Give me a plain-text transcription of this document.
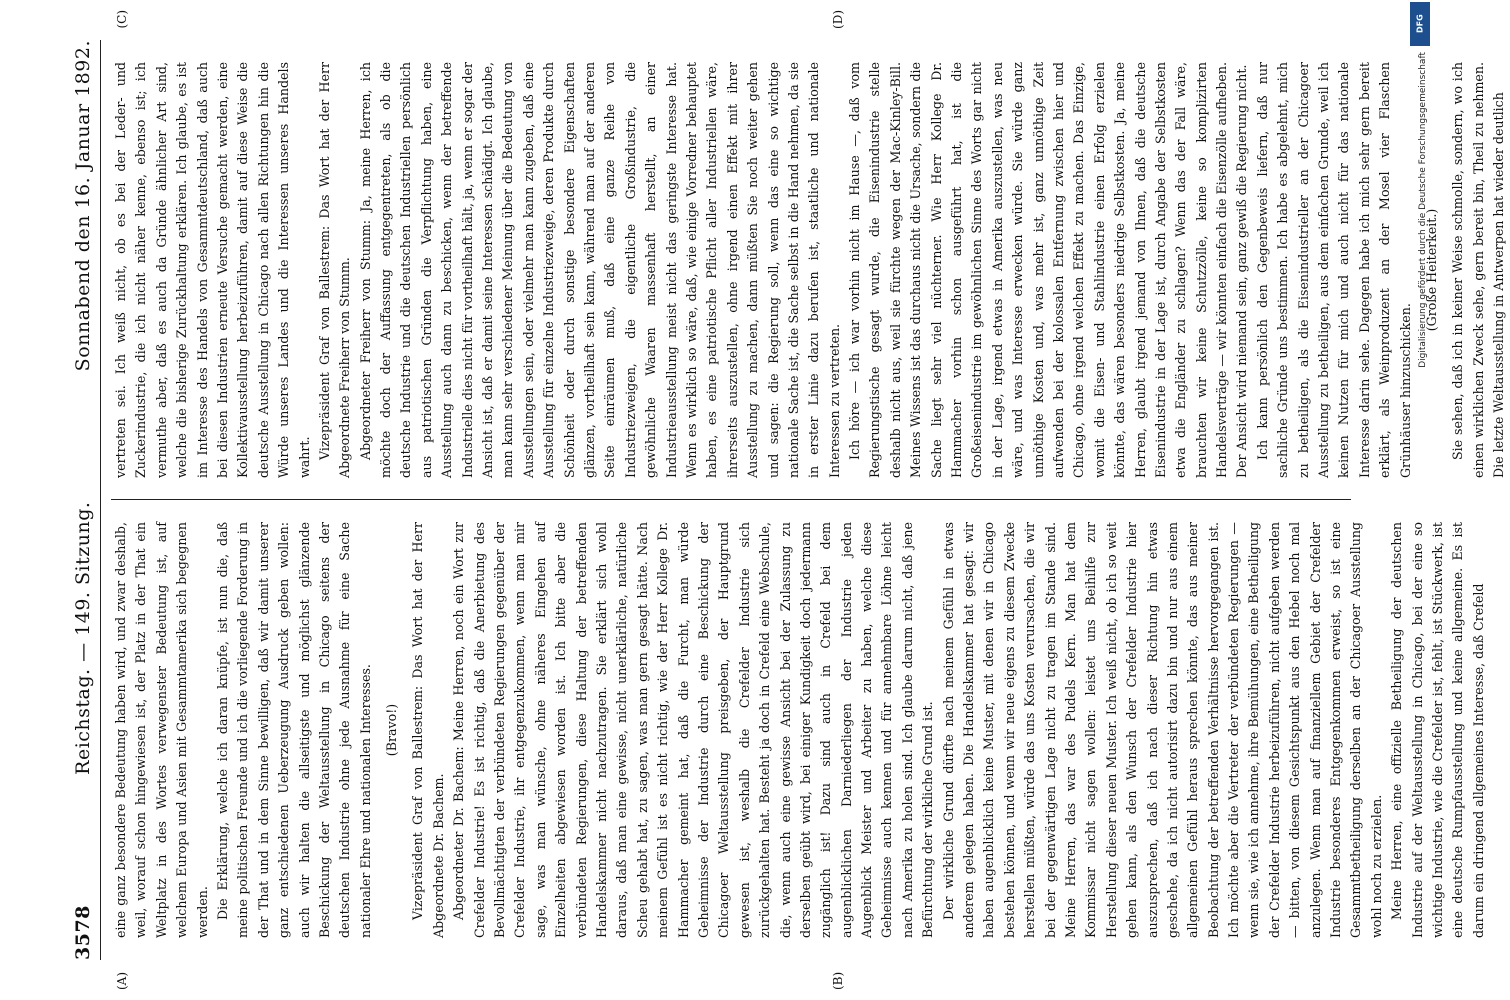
3578
Reichstag. — 149. Sitzung.
Sonnabend den 16. Januar 1892.

eine ganz besondere Bedeutung haben wird, und zwar deshalb, weil, worauf schon hingewiesen ist, der Platz in der That ein Weltplatz in des Wortes verwegenster Bedeutung ist, auf welchem Europa und Asien mit Gesammtamerika sich begegnen werden. Die Erklärung, welche ich daran knüpfe, ist nun die, daß meine politischen Freunde und ich die vorliegende Forderung in der That und in dem Sinne bewilligen, daß wir damit unserer ganz entschiedenen Ueberzeugung Ausdruck geben wollen: auch wir halten die allseitigste und möglichst glänzende Beschickung der Weltausstellung in Chicago seitens der deutschen Industrie ohne jede Ausnahme für eine Sache nationaler Ehre und nationalen Interesses. (Bravo!) Vizepräsident Graf von Ballestrem: Das Wort hat der Herr Abgeordnete Dr. Bachem. Abgeordneter Dr. Bachem: Meine Herren, noch ein Wort zur Crefelder Industrie! Es ist richtig, daß die Anerbietung des Bevollmächtigten der verbündeten Regierungen gegenüber der Crefelder Industrie, ihr entgegenzukommen, wenn man mir sage, was man wünsche, ohne näheres Eingehen auf Einzelheiten abgewiesen worden ist. Ich bitte aber die verbündeten Regierungen, diese Haltung der betreffenden Handelskammer nicht nachzutragen. Sie erklärt sich wohl daraus, daß man eine gewisse, nicht unerklärliche, natürliche Scheu gehabt hat, zu sagen, was man gern gesagt hätte. Nach meinem Gefühl ist es nicht richtig, wie der Herr Kollege Dr. Hammacher gemeint hat, daß die Furcht, man würde Geheimnisse der Industrie durch eine Beschickung der Chicagoer Weltausstellung preisgeben, der Hauptgrund gewesen ist, weshalb die Crefelder Industrie sich zurückgehalten hat. Besteht ja doch in Crefeld eine Webschule, die, wenn auch eine gewisse Ansicht bei der Zulassung zu derselben geübt wird, bei einiger Kundigkeit doch jedermann zugänglich ist! Dazu sind auch in Crefeld bei dem augenblicklichen Darniederliegen der Industrie jeden Augenblick Meister und Arbeiter zu haben, welche diese Geheimnisse auch kennen und für annehmbare Löhne leicht nach Amerika zu holen sind. Ich glaube darum nicht, daß jene Befürchtung der wirkliche Grund ist. Der wirkliche Grund dürfte nach meinem Gefühl in etwas anderem gelegen haben. Die Handelskammer hat gesagt: wir haben augenblicklich keine Muster, mit denen wir in Chicago bestehen können, und wenn wir neue eigens zu diesem Zwecke herstellen müßten, würde das uns Kosten verursachen, die wir bei der gegenwärtigen Lage nicht zu tragen im Stande sind. Meine Herren, das war des Pudels Kern. Man hat dem Kommissar nicht sagen wollen: leistet uns Beihilfe zur Herstellung dieser neuen Muster. Ich weiß nicht, ob ich so weit gehen kann, als den Wunsch der Crefelder Industrie hier auszusprechen, daß ich nach dieser Richtung hin etwas geschehe, da ich nicht autorisirt dazu bin und nur aus einem allgemeinen Gefühl heraus sprechen könnte, das aus meiner Beobachtung der betreffenden Verhältnisse hervorgegangen ist. Ich möchte aber die Vertreter der verbündeten Regierungen — wenn sie, wie ich annehme, ihre Bemühungen, eine Betheiligung der Crefelder Industrie herbeizuführen, nicht aufgeben werden — bitten, von diesem Gesichtspunkt aus den Hebel noch mal anzulegen. Wenn man auf finanziellem Gebiet der Crefelder Industrie besonderes Entgegenkommen erweist, so ist eine Gesammtbetheiligung derselben an der Chicagoer Ausstellung wohl noch zu erzielen. Meine Herren, eine offizielle Betheiligung der deutschen Industrie auf der Weltausstellung in Chicago, bei der eine so wichtige Industrie, wie die Crefelder ist, fehlt, ist Stückwerk, ist eine deutsche Rumpfausstellung und keine allgemeine. Es ist darum ein dringend allgemeines Interesse, daß Crefeld

vertreten sei. Ich weiß nicht, ob es bei der Leder- und Zuckerindustrie, die ich nicht näher kenne, ebenso ist; ich vermuthe aber, daß es auch da Gründe ähnlicher Art sind, welche die bisherige Zurückhaltung erklären. Ich glaube, es ist im Interesse des Handels von Gesammtdeutschland, daß auch bei diesen Industrien erneute Versuche gemacht werden, eine Kollektivausstellung herbeizuführen, damit auf diese Weise die deutsche Ausstellung in Chicago nach allen Richtungen hin die Würde unseres Landes und die Interessen unseres Handels wahrt. Vizepräsident Graf von Ballestrem: Das Wort hat der Herr Abgeordnete Freiherr von Stumm. Abgeordneter Freiherr von Stumm: Ja, meine Herren, ich möchte doch der Auffassung entgegentreten, als ob die deutsche Industrie und die deutschen Industriellen persönlich aus patriotischen Gründen die Verpflichtung haben, eine Ausstellung auch dann zu beschicken, wenn der betreffende Industrielle dies nicht für vortheilhaft hält, ja, wenn er sogar der Ansicht ist, daß er damit seine Interessen schädigt. Ich glaube, man kann sehr verschiedener Meinung über die Bedeutung von Ausstellungen sein, oder vielmehr man kann zugeben, daß eine Ausstellung für einzelne Industriezweige, deren Produkte durch Schönheit oder durch sonstige besondere Eigenschaften glänzen, vortheilhaft sein kann, während man auf der anderen Seite einräumen muß, daß eine ganze Reihe von Industriezweigen, die eigentliche Großindustrie, die gewöhnliche Waaren massenhaft herstellt, an einer Industrieausstellung meist nicht das geringste Interesse hat. Wenn es wirklich so wäre, daß, wie einige Vorredner behauptet haben, es eine patriotische Pflicht aller Industriellen wäre, ihrerseits auszustellen, ohne irgend einen Effekt mit ihrer Ausstellung zu machen, dann müßten Sie noch weiter gehen und sagen: die Regierung soll, wenn das eine so wichtige nationale Sache ist, die Sache selbst in die Hand nehmen, da sie in erster Linie dazu berufen ist, staatliche und nationale Interessen zu vertreten. Ich höre — ich war vorhin nicht im Hause —, daß vom Regierungstische gesagt wurde, die Eisenindustrie stelle deshalb nicht aus, weil sie fürchte wegen der Mac-Kinley-Bill. Meines Wissens ist das durchaus nicht die Ursache, sondern die Sache liegt sehr viel nüchterner. Wie Herr Kollege Dr. Hammacher vorhin schon ausgeführt hat, ist die Großeisenindustrie im gewöhnlichen Sinne des Worts gar nicht in der Lage, irgend etwas in Amerika auszustellen, was neu wäre, und was Interesse erwecken würde. Sie würde ganz unnöthige Kosten und, was mehr ist, ganz unnöthige Zeit aufwenden bei der kolossalen Entfernung zwischen hier und Chicago, ohne irgend welchen Effekt zu machen. Das Einzige, womit die Eisen- und Stahlindustrie einen Erfolg erzielen könnte, das wären besonders niedrige Selbstkosten. Ja, meine Herren, glaubt irgend jemand von Ihnen, daß die deutsche Eisenindustrie in der Lage ist, durch Angabe der Selbstkosten etwa die Engländer zu schlagen? Wenn das der Fall wäre, brauchten wir keine Schutzzölle, keine so komplizirten Handelsverträge — wir könnten einfach die Eisenzölle aufheben. Der Ansicht wird niemand sein, ganz gewiß die Regierung nicht. Ich kann persönlich den Gegenbeweis liefern, daß nur sachliche Gründe uns bestimmen. Ich habe es abgelehnt, mich zu betheiligen, als die Eisenindustrieller an der Chicagoer Ausstellung zu betheiligen, aus dem einfachen Grunde, weil ich keinen Nutzen für mich und auch nicht für das nationale Interesse darin sehe. Dagegen habe ich mich sehr gern bereit erklärt, als Weinproduzent an der Mosel vier Flaschen Grünhäuser hinzuschicken.

(Große Heiterkeit.) Sie sehen, daß ich in keiner Weise schmolle, sondern, wo ich einen wirklichen Zweck sehe, gern bereit bin, Theil zu nehmen. Die letzte Weltausstellung in Antwerpen hat wieder deutlich

(A)	(B)
(C)	(D)	DFG
Digitalisierung gefördert durch die Deutsche Forschungsgemeinschaft
